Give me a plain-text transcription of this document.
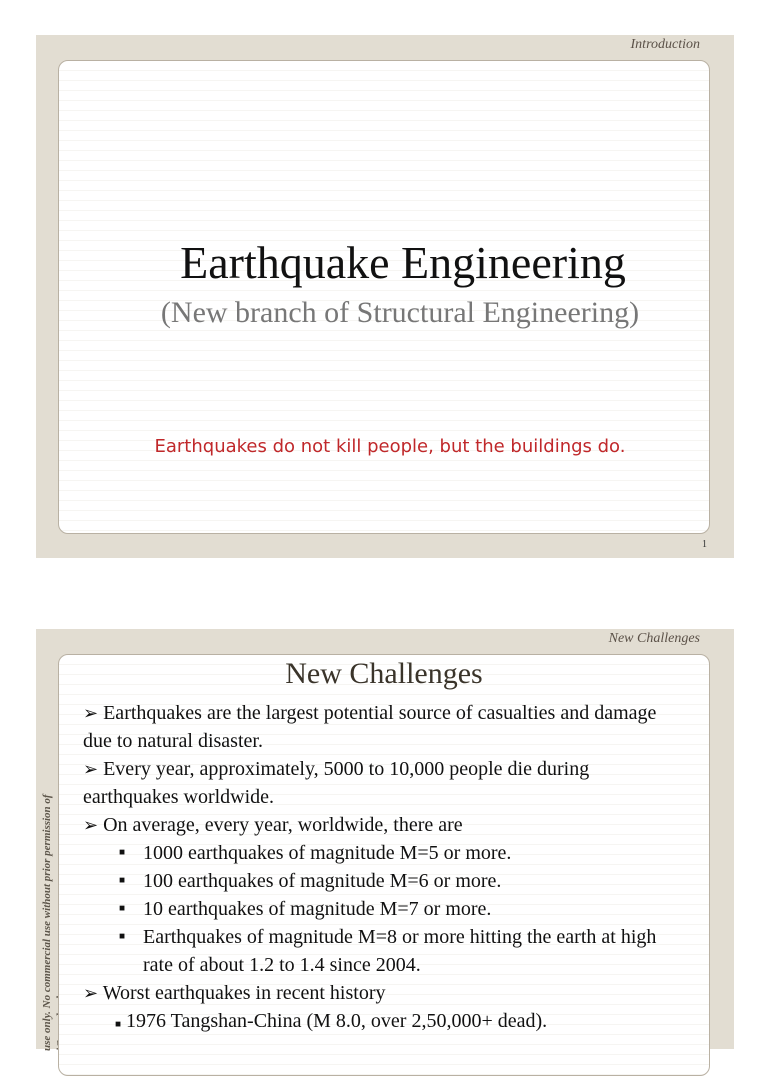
Introduction
Earthquake Engineering
(New branch of Structural Engineering)
Earthquakes do not kill people, but the buildings do.
1
New Challenges
use only. No commercial use without prior permission of

New Challenges

➢ Earthquakes are the largest potential source of casualties and damage due to natural disaster.

➢ Every year, approximately, 5000 to 10,000 people die during earthquakes worldwide.

➢ On average, every year, worldwide, there are

■ 1000 earthquakes of magnitude M=5 or more.

■ 100 earthquakes of magnitude M=6 or more.

■ 10 earthquakes of magnitude M=7 or more.

■ Earthquakes of magnitude M=8 or more hitting the earth at high rate of about 1.2 to 1.4 since 2004.

➢ Worst earthquakes in recent history

■ 1976 Tangshan-China (M 8.0, over 2,50,000+ dead).
